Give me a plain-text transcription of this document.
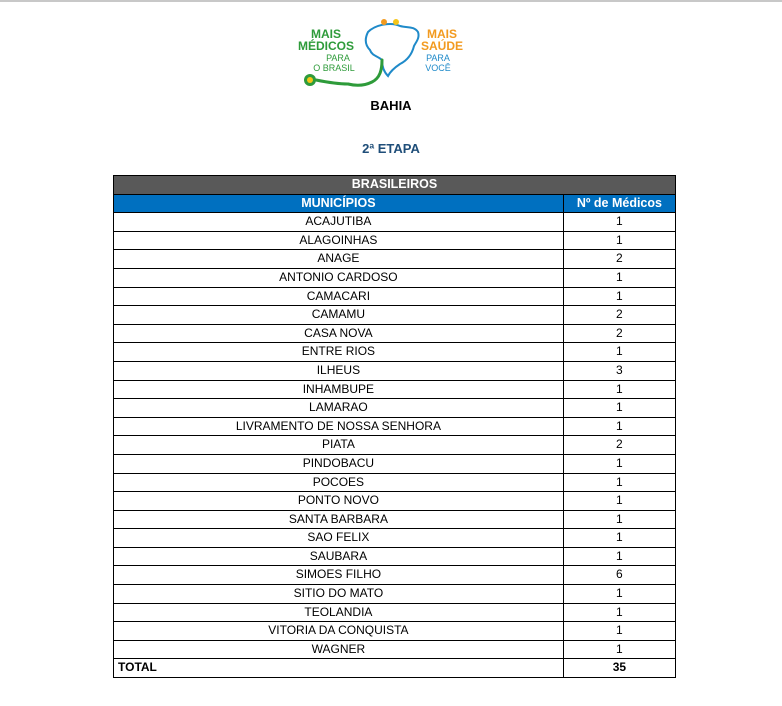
MAIS
MÉDICOS
PARA
O BRASIL
MAIS
SAÚDE
PARA
VOCÊ
BAHIA
2ª ETAPA
BRASILEIROS	
MUNICÍPIOS	Nº de Médicos
ACAJUTIBA	1
ALAGOINHAS	1
ANAGE	2
ANTONIO CARDOSO	1
CAMACARI	1
CAMAMU	2
CASA NOVA	2
ENTRE RIOS	1
ILHEUS	3
INHAMBUPE	1
LAMARAO	1
LIVRAMENTO DE NOSSA SENHORA	1
PIATA	2
PINDOBACU	1
POCOES	1
PONTO NOVO	1
SANTA BARBARA	1
SAO FELIX	1
SAUBARA	1
SIMOES FILHO	6
SITIO DO MATO	1
TEOLANDIA	1
VITORIA DA CONQUISTA	1
WAGNER	1
TOTAL	35
